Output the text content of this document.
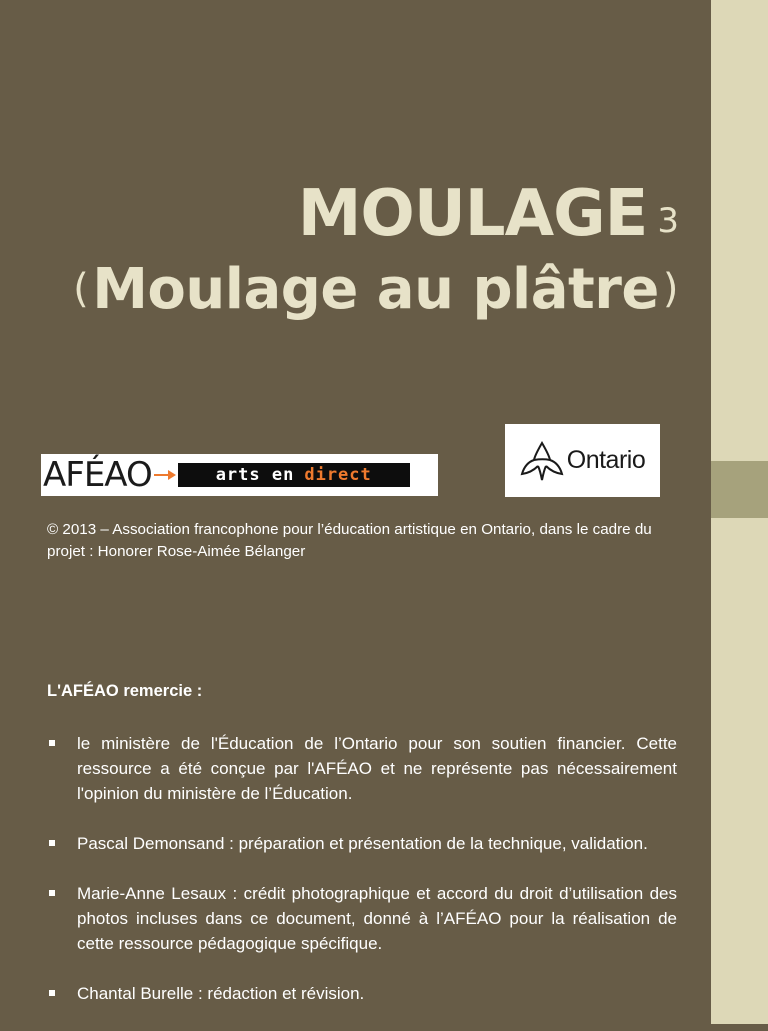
MOULAGE 3
(Moulage au plâtre )
AFÉAO	arts en direct
Ontario
© 2013 – Association francophone pour l’éducation artistique en Ontario, dans le cadre du projet : Honorer Rose-Aimée Bélanger
L'AFÉAO remercie :
le ministère de l'Éducation de l’Ontario pour son soutien financier. Cette ressource a été conçue par l'AFÉAO et ne représente pas nécessairement l'opinion du ministère de l’Éducation.
Pascal Demonsand : préparation et présentation de la technique, validation.
Marie-Anne Lesaux : crédit photographique et accord du droit d’utilisation des photos incluses dans ce document, donné à l’AFÉAO pour la réalisation de cette ressource pédagogique spécifique.
Chantal Burelle : rédaction et révision.
